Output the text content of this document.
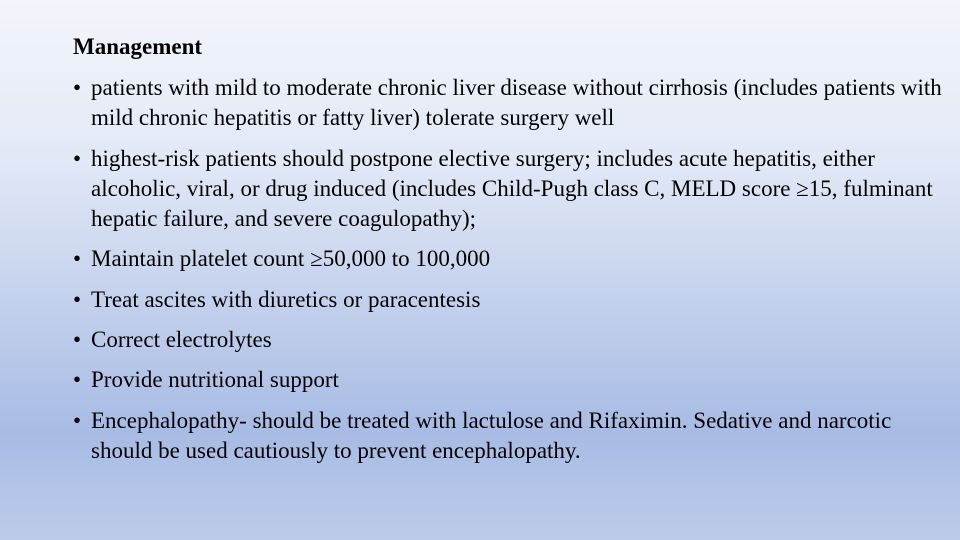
Management
• patients with mild to moderate chronic liver disease without cirrhosis (includes patients with mild chronic hepatitis or fatty liver) tolerate surgery well
• highest-risk patients should postpone elective surgery; includes acute hepatitis, either alcoholic, viral, or drug induced (includes Child-Pugh class C, MELD score ≥15, fulminant hepatic failure, and severe coagulopathy);
• Maintain platelet count ≥50,000 to 100,000
• Treat ascites with diuretics or paracentesis
• Correct electrolytes
• Provide nutritional support
• Encephalopathy- should be treated with lactulose and Rifaximin. Sedative and narcotic should be used cautiously to prevent encephalopathy.
